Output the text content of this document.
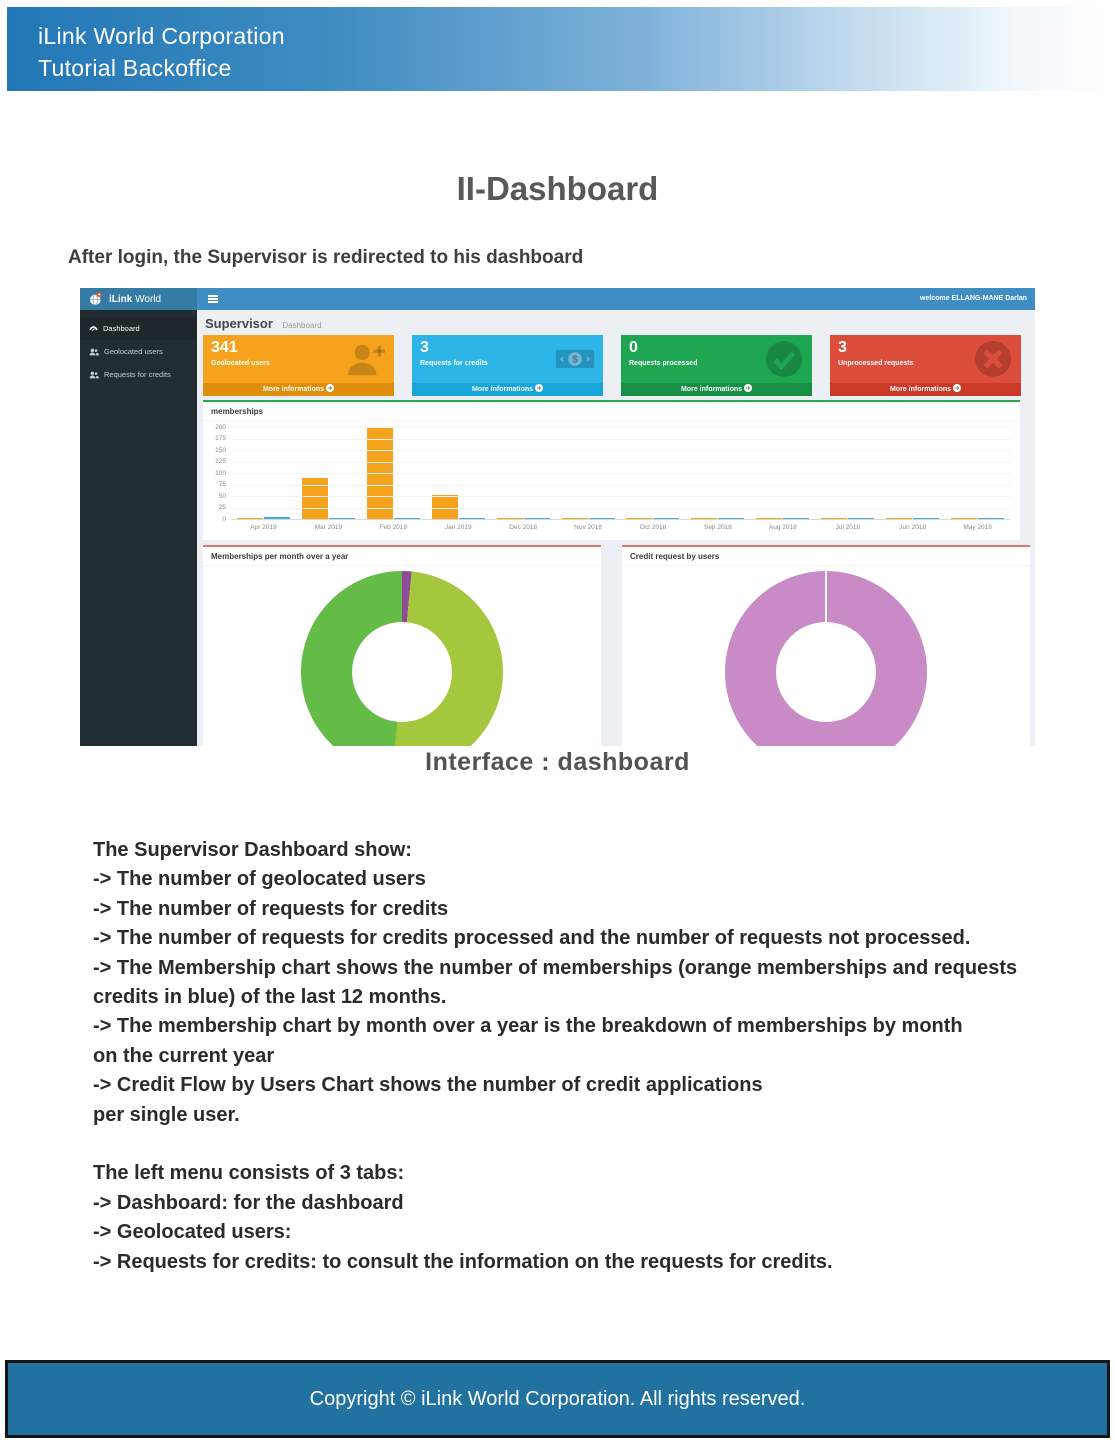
iLink World Corporation
Tutorial Backoffice
II-Dashboard
After login, the Supervisor is redirected to his dashboard
iLink World	welcome ELLANG-MANE Darlan
Dashboard
Geolocated users
Requests for credits
Supervisor Dashboard
341
Geolocated users
More informations
3
Requests for credits	$
More informations
0
Requests processed
More informations
3
Unprocessed requests
More informations
memberships
Apr 2019	Mar 2019	Feb 2019	Jan 2019	Dec 2018	Nov 2018	Oct 2018	Sep 2018	Aug 2018	Jul 2018	Jun 2018	May 2018
200
175
150
125
100
75
50
25
0
Memberships per month over a year	Credit request by users
Interface : dashboard
The Supervisor Dashboard show:
-> The number of geolocated users
-> The number of requests for credits
-> The number of requests for credits processed and the number of requests not processed.
-> The Membership chart shows the number of memberships (orange memberships and requests
credits in blue) of the last 12 months.
-> The membership chart by month over a year is the breakdown of memberships by month
on the current year
-> Credit Flow by Users Chart shows the number of credit applications
per single user.

The left menu consists of 3 tabs:
-> Dashboard: for the dashboard
-> Geolocated users:
-> Requests for credits: to consult the information on the requests for credits.
Copyright © iLink World Corporation. All rights reserved.
